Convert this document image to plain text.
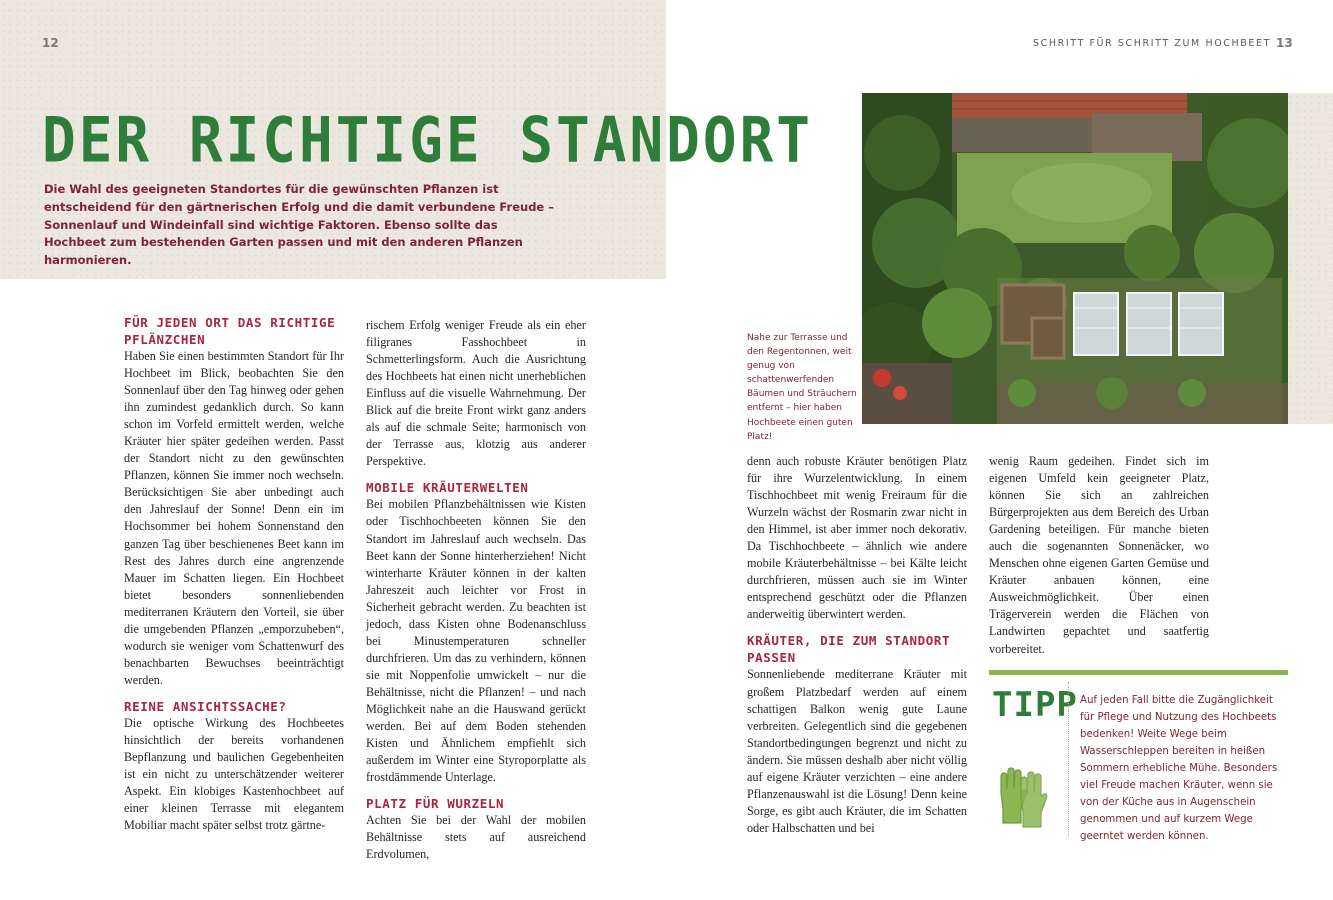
12
DER RICHTIGE STANDORT

Die Wahl des geeigneten Standortes für die gewünschten Pflanzen ist entscheidend für den gärtnerischen Erfolg und die damit verbundene Freude – Sonnenlauf und Windeinfall sind wichtige Faktoren. Ebenso sollte das Hochbeet zum bestehenden Garten passen und mit den anderen Pflanzen harmonieren.

FÜR JEDEN ORT DAS RICHTIGE PFLÄNZCHEN

Haben Sie einen bestimmten Standort für Ihr Hochbeet im Blick, beobachten Sie den Sonnenlauf über den Tag hinweg oder gehen ihn zumindest gedanklich durch. So kann schon im Vorfeld ermittelt werden, welche Kräuter hier später gedeihen werden. Passt der Standort nicht zu den gewünschten Pflanzen, können Sie immer noch wechseln. Berücksichtigen Sie aber unbedingt auch den Jahreslauf der Sonne! Denn ein im Hochsommer bei hohem Sonnenstand den ganzen Tag über beschienenes Beet kann im Rest des Jahres durch eine angrenzende Mauer im Schatten liegen. Ein Hochbeet bietet besonders sonnenliebenden mediterranen Kräutern den Vorteil, sie über die umgebenden Pflanzen „emporzuheben“, wodurch sie weniger vom Schattenwurf des benachbarten Bewuchses beeinträchtigt werden.

REINE ANSICHTSSACHE?

Die optische Wirkung des Hochbeetes hinsichtlich der bereits vorhandenen Bepflanzung und baulichen Gegebenheiten ist ein nicht zu unterschätzender weiterer Aspekt. Ein klobiges Kastenhochbeet auf einer kleinen Terrasse mit elegantem Mobiliar macht später selbst trotz gärtne-

rischem Erfolg weniger Freude als ein eher filigranes Fasshochbeet in Schmetterlingsform. Auch die Ausrichtung des Hochbeets hat einen nicht unerheblichen Einfluss auf die visuelle Wahrnehmung. Der Blick auf die breite Front wirkt ganz anders als auf die schmale Seite; harmonisch von der Terrasse aus, klotzig aus anderer Perspektive.

MOBILE KRÄUTERWELTEN

Bei mobilen Pflanzbehältnissen wie Kisten oder Tischhochbeeten können Sie den Standort im Jahreslauf auch wechseln. Das Beet kann der Sonne hinterherziehen! Nicht winterharte Kräuter können in der kalten Jahreszeit auch leichter vor Frost in Sicherheit gebracht werden. Zu beachten ist jedoch, dass Kisten ohne Bodenanschluss bei Minustemperaturen schneller durchfrieren. Um das zu verhindern, können sie mit Noppenfolie umwickelt – nur die Behältnisse, nicht die Pflanzen! – und nach Möglichkeit nahe an die Hauswand gerückt werden. Bei auf dem Boden stehenden Kisten und Ähnlichem empfiehlt sich außerdem im Winter eine Styroporplatte als frostdämmende Unterlage.

PLATZ FÜR WURZELN

Achten Sie bei der Wahl der mobilen Behältnisse stets auf ausreichend Erdvolumen,

SCHRITT FÜR SCHRITT ZUM HOCHBEET 13
Nahe zur Terrasse und den Regentonnen, weit genug von schattenwerfenden Bäumen und Sträuchern entfernt – hier haben Hochbeete einen guten Platz!

denn auch robuste Kräuter benötigen Platz für ihre Wurzelentwicklung. In einem Tischhochbeet mit wenig Freiraum für die Wurzeln wächst der Rosmarin zwar nicht in den Himmel, ist aber immer noch dekorativ. Da Tischhochbeete – ähnlich wie andere mobile Kräuterbehältnisse – bei Kälte leicht durchfrieren, müssen auch sie im Winter entsprechend geschützt oder die Pflanzen anderweitig überwintert werden.

KRÄUTER, DIE ZUM STANDORT PASSEN

Sonnenliebende mediterrane Kräuter mit großem Platzbedarf werden auf einem schattigen Balkon wenig gute Laune verbreiten. Gelegentlich sind die gegebenen Standortbedingungen begrenzt und nicht zu ändern. Sie müssen deshalb aber nicht völlig auf eigene Kräuter verzichten – eine andere Pflanzenauswahl ist die Lösung! Denn keine Sorge, es gibt auch Kräuter, die im Schatten oder Halbschatten und bei

wenig Raum gedeihen. Findet sich im eigenen Umfeld kein geeigneter Platz, können Sie sich an zahlreichen Bürgerprojekten aus dem Bereich des Urban Gardening beteiligen. Für manche bieten auch die sogenannten Sonnenäcker, wo Menschen ohne eigenen Garten Gemüse und Kräuter anbauen können, eine Ausweichmöglichkeit. Über einen Trägerverein werden die Flächen von Landwirten gepachtet und saatfertig vorbereitet.

TIPP Auf jeden Fall bitte die Zugänglichkeit für Pflege und Nutzung des Hochbeets bedenken! Weite Wege beim Wasserschleppen bereiten in heißen Sommern erhebliche Mühe. Besonders viel Freude machen Kräuter, wenn sie von der Küche aus in Augenschein genommen und auf kurzem Wege geerntet werden können.
